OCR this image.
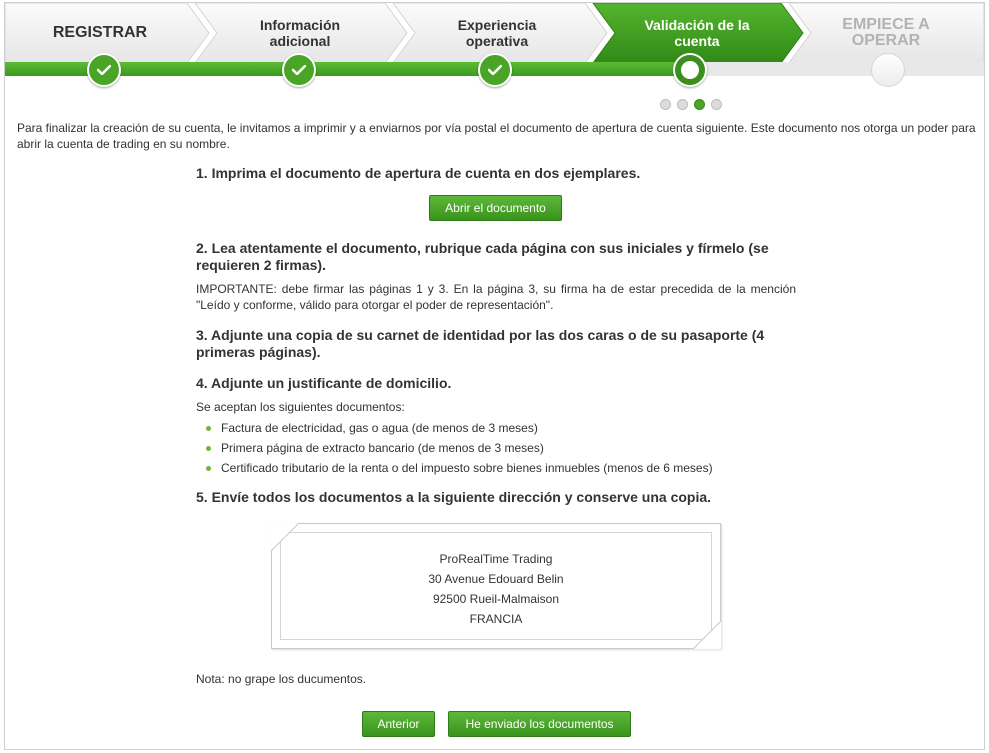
REGISTRAR	Información
adicional
Experiencia
operativa
Validación de la
cuenta
EMPIECE A
OPERAR
Para finalizar la creación de su cuenta, le invitamos a imprimir y a enviarnos por vía postal el documento de apertura de cuenta siguiente. Este documento nos otorga un poder para abrir la cuenta de trading en su nombre.
1. Imprima el documento de apertura de cuenta en dos ejemplares.
Abrir el documento
2. Lea atentamente el documento, rubrique cada página con sus iniciales y fírmelo (se requieren 2 firmas).
IMPORTANTE: debe firmar las páginas 1 y 3. En la página 3, su firma ha de estar precedida de la mención "Leído y conforme, válido para otorgar el poder de representación".
3. Adjunte una copia de su carnet de identidad por las dos caras o de su pasaporte (4 primeras páginas).
4. Adjunte un justificante de domicilio.
Se aceptan los siguientes documentos:
Factura de electricidad, gas o agua (de menos de 3 meses)
Primera página de extracto bancario (de menos de 3 meses)
Certificado tributario de la renta o del impuesto sobre bienes inmuebles (menos de 6 meses)
5. Envíe todos los documentos a la siguiente dirección y conserve una copia.
ProRealTime Trading
30 Avenue Edouard Belin
92500 Rueil-Malmaison
FRANCIA
Nota: no grape los ducumentos.
Anterior	He enviado los documentos
